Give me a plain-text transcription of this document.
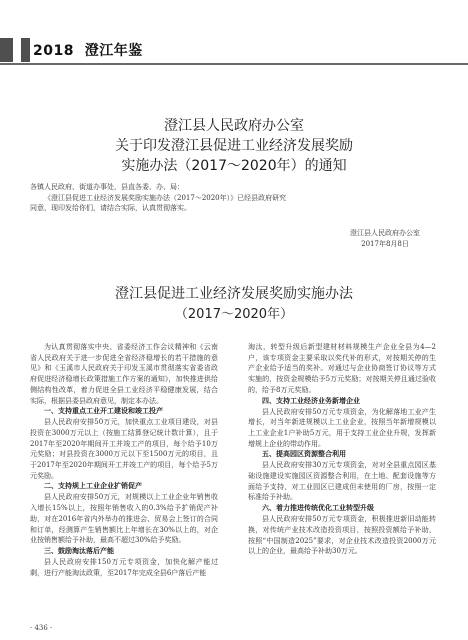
2018 澄江年鉴
澄江县人民政府办公室
关于印发澄江县促进工业经济发展奖励
实施办法（2017～2020年）的通知
各镇人民政府、街道办事处，县直各委、办、局：
《澄江县促进工业经济发展奖励实施办法（2017～2020年）》已经县政府研究同意，现印发给你们，请结合实际，认真贯彻落实。
澄江县人民政府办公室
2017年8月8日
澄江县促进工业经济发展奖励实施办法
（2017～2020年）

为认真贯彻落实中央、省委经济工作会议精神和《云南省人民政府关于进一步促进全省经济稳增长的若干措施的意见》和《玉溪市人民政府关于印发玉溪市贯彻落实省委省政府促进经济稳增长政策措施工作方案的通知》，加快推进供给侧结构性改革，着力促进全县工业经济平稳健康发展，结合实际，根据县委县政府意见，制定本办法。

一、支持重点工业开工建设和竣工投产

县人民政府安排50万元，加快重点工业项目建设，对县投资在3000万元以上（按施工结算登记统计数计算），且于2017年至2020年期间开工并竣工产的项目，每个给予10万元奖励；对县投资在3000万元以下至1500万元的项目，且于2017年至2020年期间开工并竣工产的项目，每个给予5万元奖励。

二、支持规上工业企业扩销促产

县人民政府安排50万元，对规模以上工业企业年销售收入增长15%以上，按照年销售收入的0.3%给予扩销促产补助，对在2016年省内外举办的推进会、贸易会上签订的合同和订单，经测算产生销售额比上年增长在30%以上的，对企业按销售额给予补助，最高不超过30%给予奖励。

三、鼓励淘汰落后产能

县人民政府安排150万元专项资金，加快化解产能过剩，进行产能淘汰政策，至2017年完成全县6户落后产能

淘汰，转型升级后新型建材材料规模生产企业全县为4—2户，该专项资金主要采取以奖代补的形式，对按期关停的生产企业给予适当的奖补。对通过与企业协商签订协议等方式实施的，按资金规模给予5万元奖励；对按期关停且通过验收的，给予8万元奖励。

四、支持工业经济业务新增企业

县人民政府安排50万元专项资金，为化解落地工业产生增长，对当年新进规模以上工业企业，按照当年新增规模以上工业企业1户补助5万元，用于支持工业企业升规，发挥新增规上企业的带动作用。

五、提高园区资源整合利用

县人民政府安排30万元专项资金，对对全县重点园区基础设施建设实施园区资源整合利用，在土地、配套设施等方面给予支持，对工业园区已建成但未使用的厂房，按照一定标准给予补助。

六、着力推进传统优化工业转型升级

县人民政府安排50万元专项资金，积极推进新旧动能转换，对传统产业技术改造投资项目，按照投资额给予补助，按照“中国制造2025”要求，对企业技术改造投资2000万元以上的企业，最高给予补助30万元。

· 436 ·
